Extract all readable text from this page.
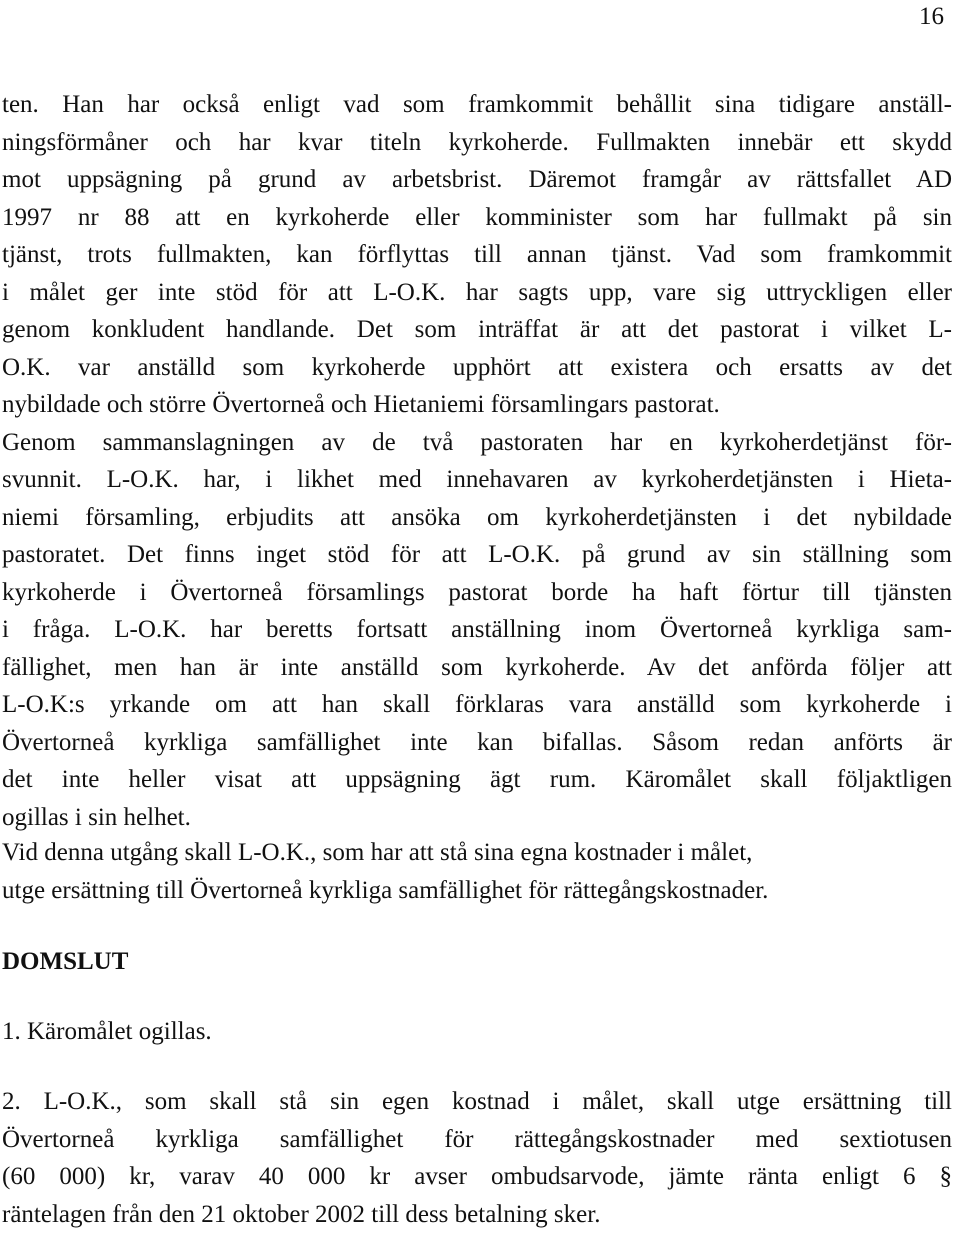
16
ten. Han har också enligt vad som framkommit behållit sina tidigare anställ-
ningsförmåner och har kvar titeln kyrkoherde. Fullmakten innebär ett skydd
mot uppsägning på grund av arbetsbrist. Däremot framgår av rättsfallet AD
1997 nr 88 att en kyrkoherde eller komminister som har fullmakt på sin
tjänst, trots fullmakten, kan förflyttas till annan tjänst. Vad som framkommit
i målet ger inte stöd för att L-O.K. har sagts upp, vare sig uttryckligen eller
genom konkludent handlande. Det som inträffat är att det pastorat i vilket L-
O.K. var anställd som kyrkoherde upphört att existera och ersatts av det
nybildade och större Övertorneå och Hietaniemi församlingars pastorat.
Genom sammanslagningen av de två pastoraten har en kyrkoherdetjänst för-
svunnit. L-O.K. har, i likhet med innehavaren av kyrkoherdetjänsten i Hieta-
niemi församling, erbjudits att ansöka om kyrkoherdetjänsten i det nybildade
pastoratet. Det finns inget stöd för att L-O.K. på grund av sin ställning som
kyrkoherde i Övertorneå församlings pastorat borde ha haft förtur till tjänsten
i fråga. L-O.K. har beretts fortsatt anställning inom Övertorneå kyrkliga sam-
fällighet, men han är inte anställd som kyrkoherde. Av det anförda följer att
L-O.K:s yrkande om att han skall förklaras vara anställd som kyrkoherde i
Övertorneå kyrkliga samfällighet inte kan bifallas. Såsom redan anförts är
det inte heller visat att uppsägning ägt rum. Käromålet skall följaktligen
ogillas i sin helhet.
Vid denna utgång skall L-O.K., som har att stå sina egna kostnader i målet,
utge ersättning till Övertorneå kyrkliga samfällighet för rättegångskostnader.
DOMSLUT
1. Käromålet ogillas.
2. L-O.K., som skall stå sin egen kostnad i målet, skall utge ersättning till
Övertorneå kyrkliga samfällighet för rättegångskostnader med sextiotusen
(60 000) kr, varav 40 000 kr avser ombudsarvode, jämte ränta enligt 6 §
räntelagen från den 21 oktober 2002 till dess betalning sker.
